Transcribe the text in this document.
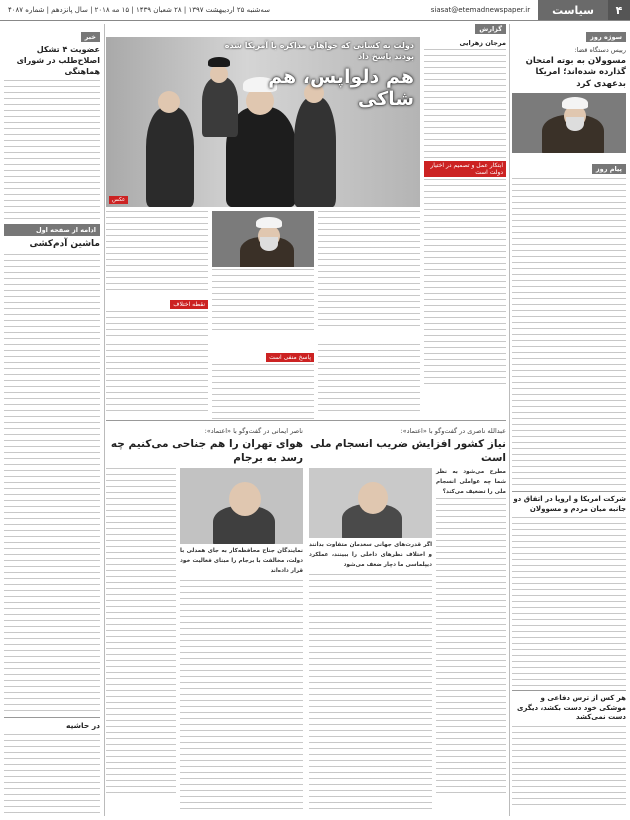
۴
سیاست
siasat@etemadnewspaper.ir
سه‌شنبه ۲۵ اردیبهشت ۱۳۹۷ | ۲۸ شعبان ۱۴۳۹ | ۱۵ مه ۲۰۱۸ | سال پانزدهم | شماره ۴۰۸۷
سوژه روز
رییس دستگاه قضا:
مسوولان به بوته امتحان گذارده شده‌اند؛ امریکا بدعهدی کرد
پیام روز
شرکت امریکا و اروپا در اتفاق دو جانبه میان مردم و مسوولان
هر کس از ترس دفاعی و موشکی خود دست بکشد، دیگری دست نمی‌کشد
گزارش
مرجان زهرایی
ابتکار عمل و تصمیم در اختیار دولت است
دولت به کسانی که خواهان مذاکره با آمریکا شده بودند پاسخ داد
هم دلواپس، هم شاکی
عکس
نقطه اختلاف
پاسخ منفی است
عبدالله ناصری در گفت‌وگو با «اعتماد»:
نیاز کشور افزایش ضریب انسجام ملی است
مطرح می‌شود به نظر شما چه عواملی انسجام ملی را تضعیف می‌کند؟
اگر قدرت‌های جهانی سعدمان متفاوت بدانند و اختلاف نظرهای داخلی را ببینند، عملکرد دیپلماسی ما دچار ضعف می‌شود
ناصر ایمانی در گفت‌وگو با «اعتماد»:
هوای تهران را هم جناحی می‌کنیم چه رسد به برجام
نمایندگان جناح محافظه‌کار به جای همدلی با دولت، مخالفت با برجام را مبنای فعالیت خود قرار داده‌اند
خبر
عضویت ۴ تشکل اصلاح‌طلب در شورای هماهنگی
ادامه از صفحه اول
ماشین آدم‌کشی
در حاشیه
